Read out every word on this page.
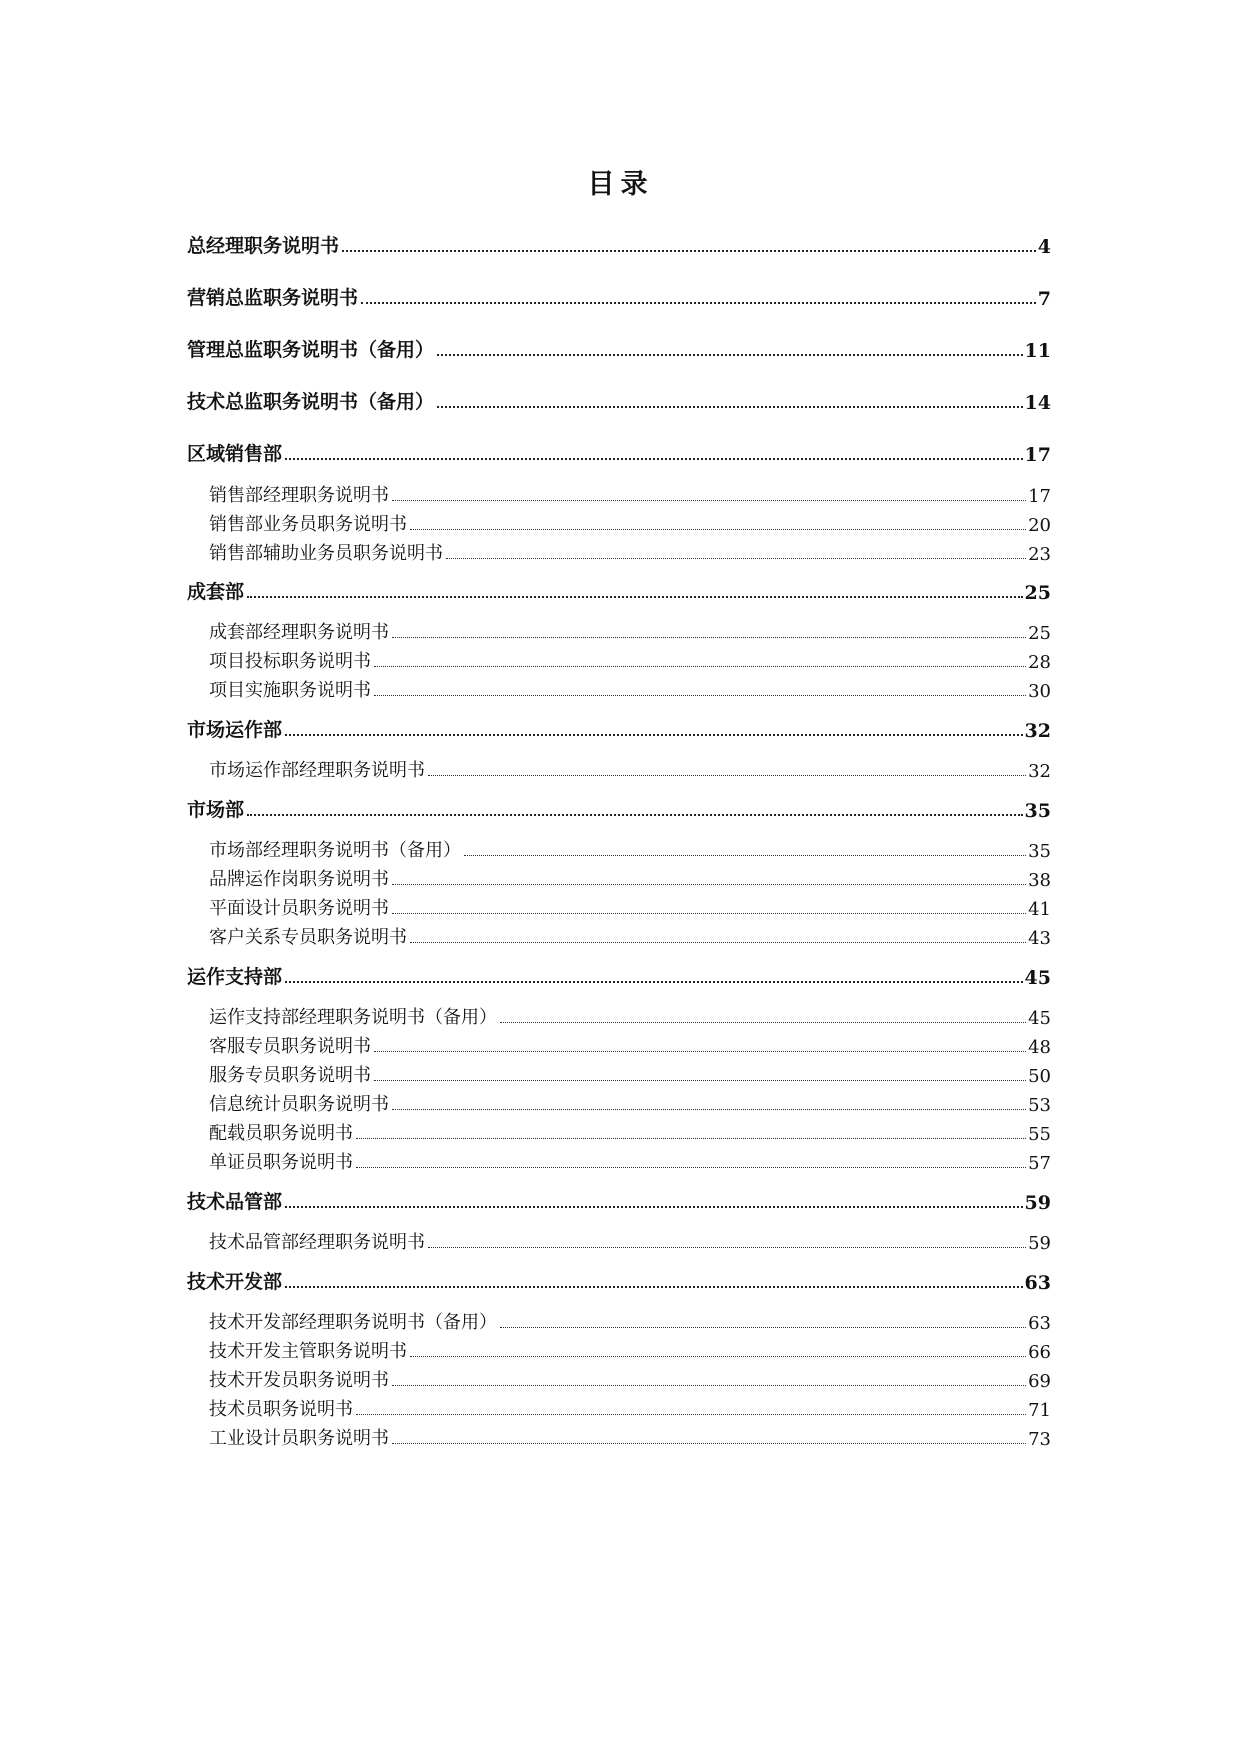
目录
总经理职务说明书	4
营销总监职务说明书	7
管理总监职务说明书（备用）	11
技术总监职务说明书（备用）	14
区域销售部	17
销售部经理职务说明书	17
销售部业务员职务说明书	20
销售部辅助业务员职务说明书	23
成套部	25
成套部经理职务说明书	25
项目投标职务说明书	28
项目实施职务说明书	30
市场运作部	32
市场运作部经理职务说明书	32
市场部	35
市场部经理职务说明书（备用）	35
品牌运作岗职务说明书	38
平面设计员职务说明书	41
客户关系专员职务说明书	43
运作支持部	45
运作支持部经理职务说明书（备用）	45
客服专员职务说明书	48
服务专员职务说明书	50
信息统计员职务说明书	53
配载员职务说明书	55
单证员职务说明书	57
技术品管部	59
技术品管部经理职务说明书	59
技术开发部	63
技术开发部经理职务说明书（备用）	63
技术开发主管职务说明书	66
技术开发员职务说明书	69
技术员职务说明书	71
工业设计员职务说明书	73
